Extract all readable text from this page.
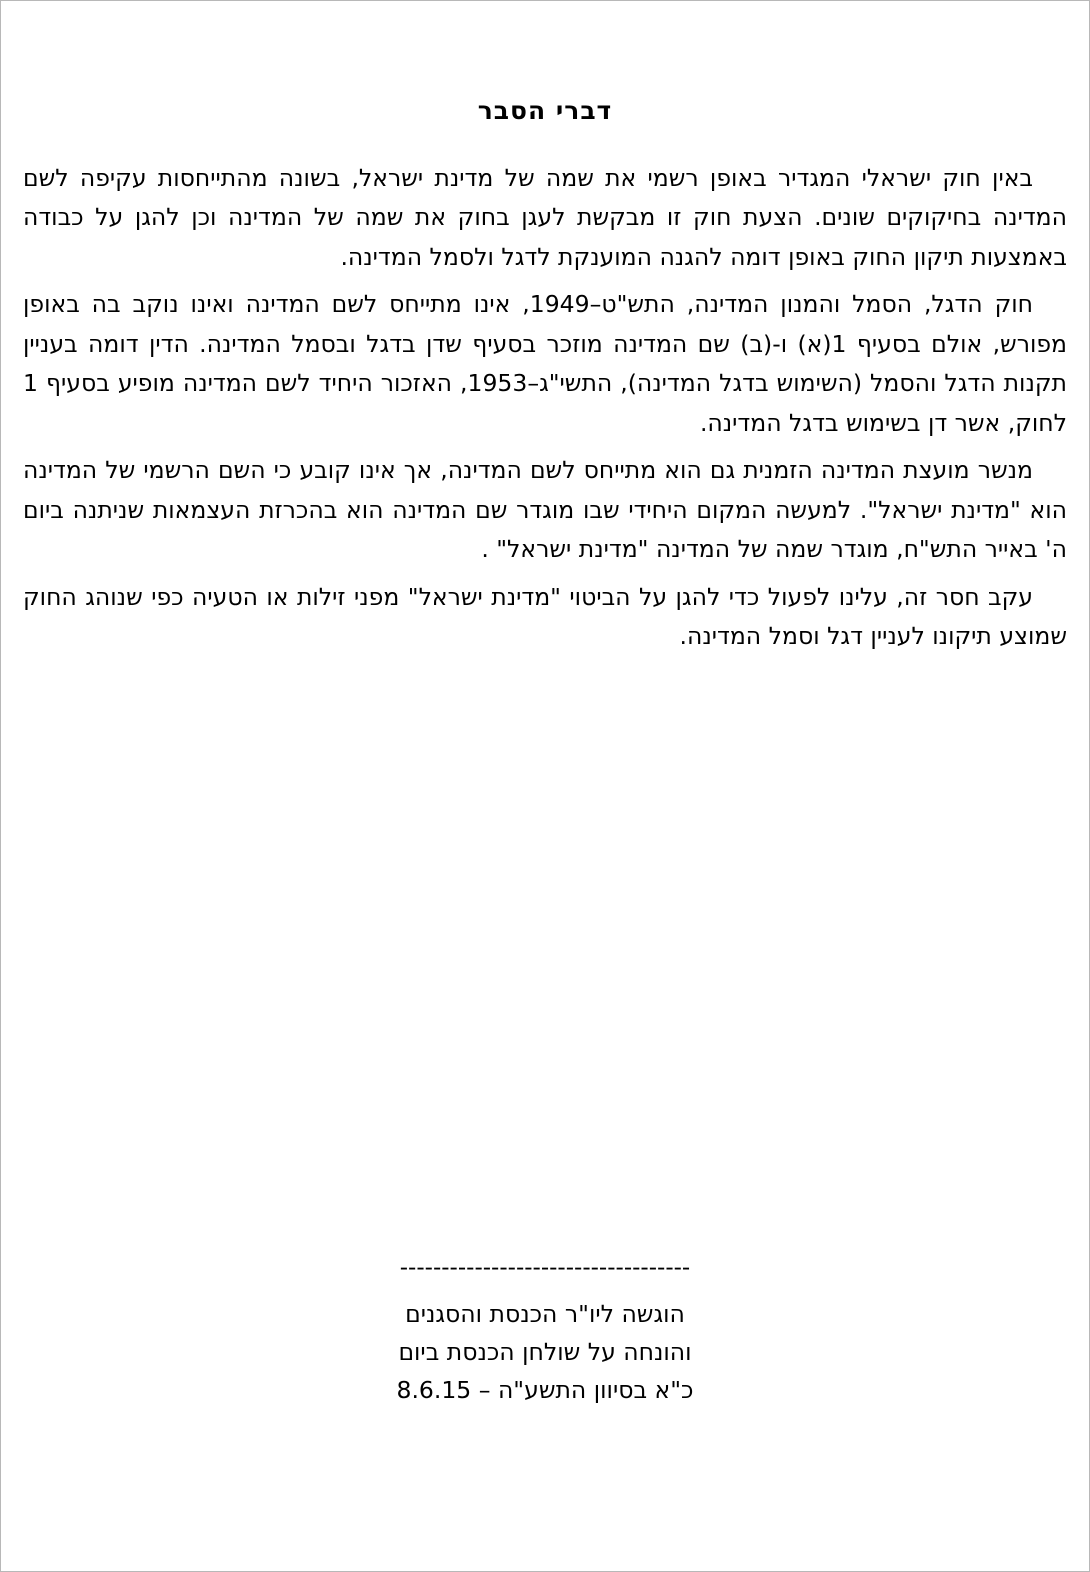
דברי הסבר

באין חוק ישראלי המגדיר באופן רשמי את שמה של מדינת ישראל, בשונה מהתייחסות עקיפה לשם המדינה בחיקוקים שונים. הצעת חוק זו מבקשת לעגן בחוק את שמה של המדינה וכן להגן על כבודה באמצעות תיקון החוק באופן דומה להגנה המוענקת לדגל ולסמל המדינה.

חוק הדגל, הסמל והמנון המדינה, התש"ט–1949, אינו מתייחס לשם המדינה ואינו נוקב בה באופן מפורש, אולם בסעיף 1(א) ו-(ב) שם המדינה מוזכר בסעיף שדן בדגל ובסמל המדינה. הדין דומה בעניין תקנות הדגל והסמל (השימוש בדגל המדינה), התשי"ג–1953, האזכור היחיד לשם המדינה מופיע בסעיף 1 לחוק, אשר דן בשימוש בדגל המדינה.

מנשר מועצת המדינה הזמנית גם הוא מתייחס לשם המדינה, אך אינו קובע כי השם הרשמי של המדינה הוא "מדינת ישראל". למעשה המקום היחידי שבו מוגדר שם המדינה הוא בהכרזת העצמאות שניתנה ביום ה' באייר התש"ח, מוגדר שמה של המדינה "מדינת ישראל" .

עקב חסר זה, עלינו לפעול כדי להגן על הביטוי "מדינת ישראל" מפני זילות או הטעיה כפי שנוהג החוק שמוצע תיקונו לעניין דגל וסמל המדינה.

-----------------------------------
הוגשה ליו"ר הכנסת והסגנים
והונחה על שולחן הכנסת ביום
כ"א בסיוון התשע"ה – 8.6.15
